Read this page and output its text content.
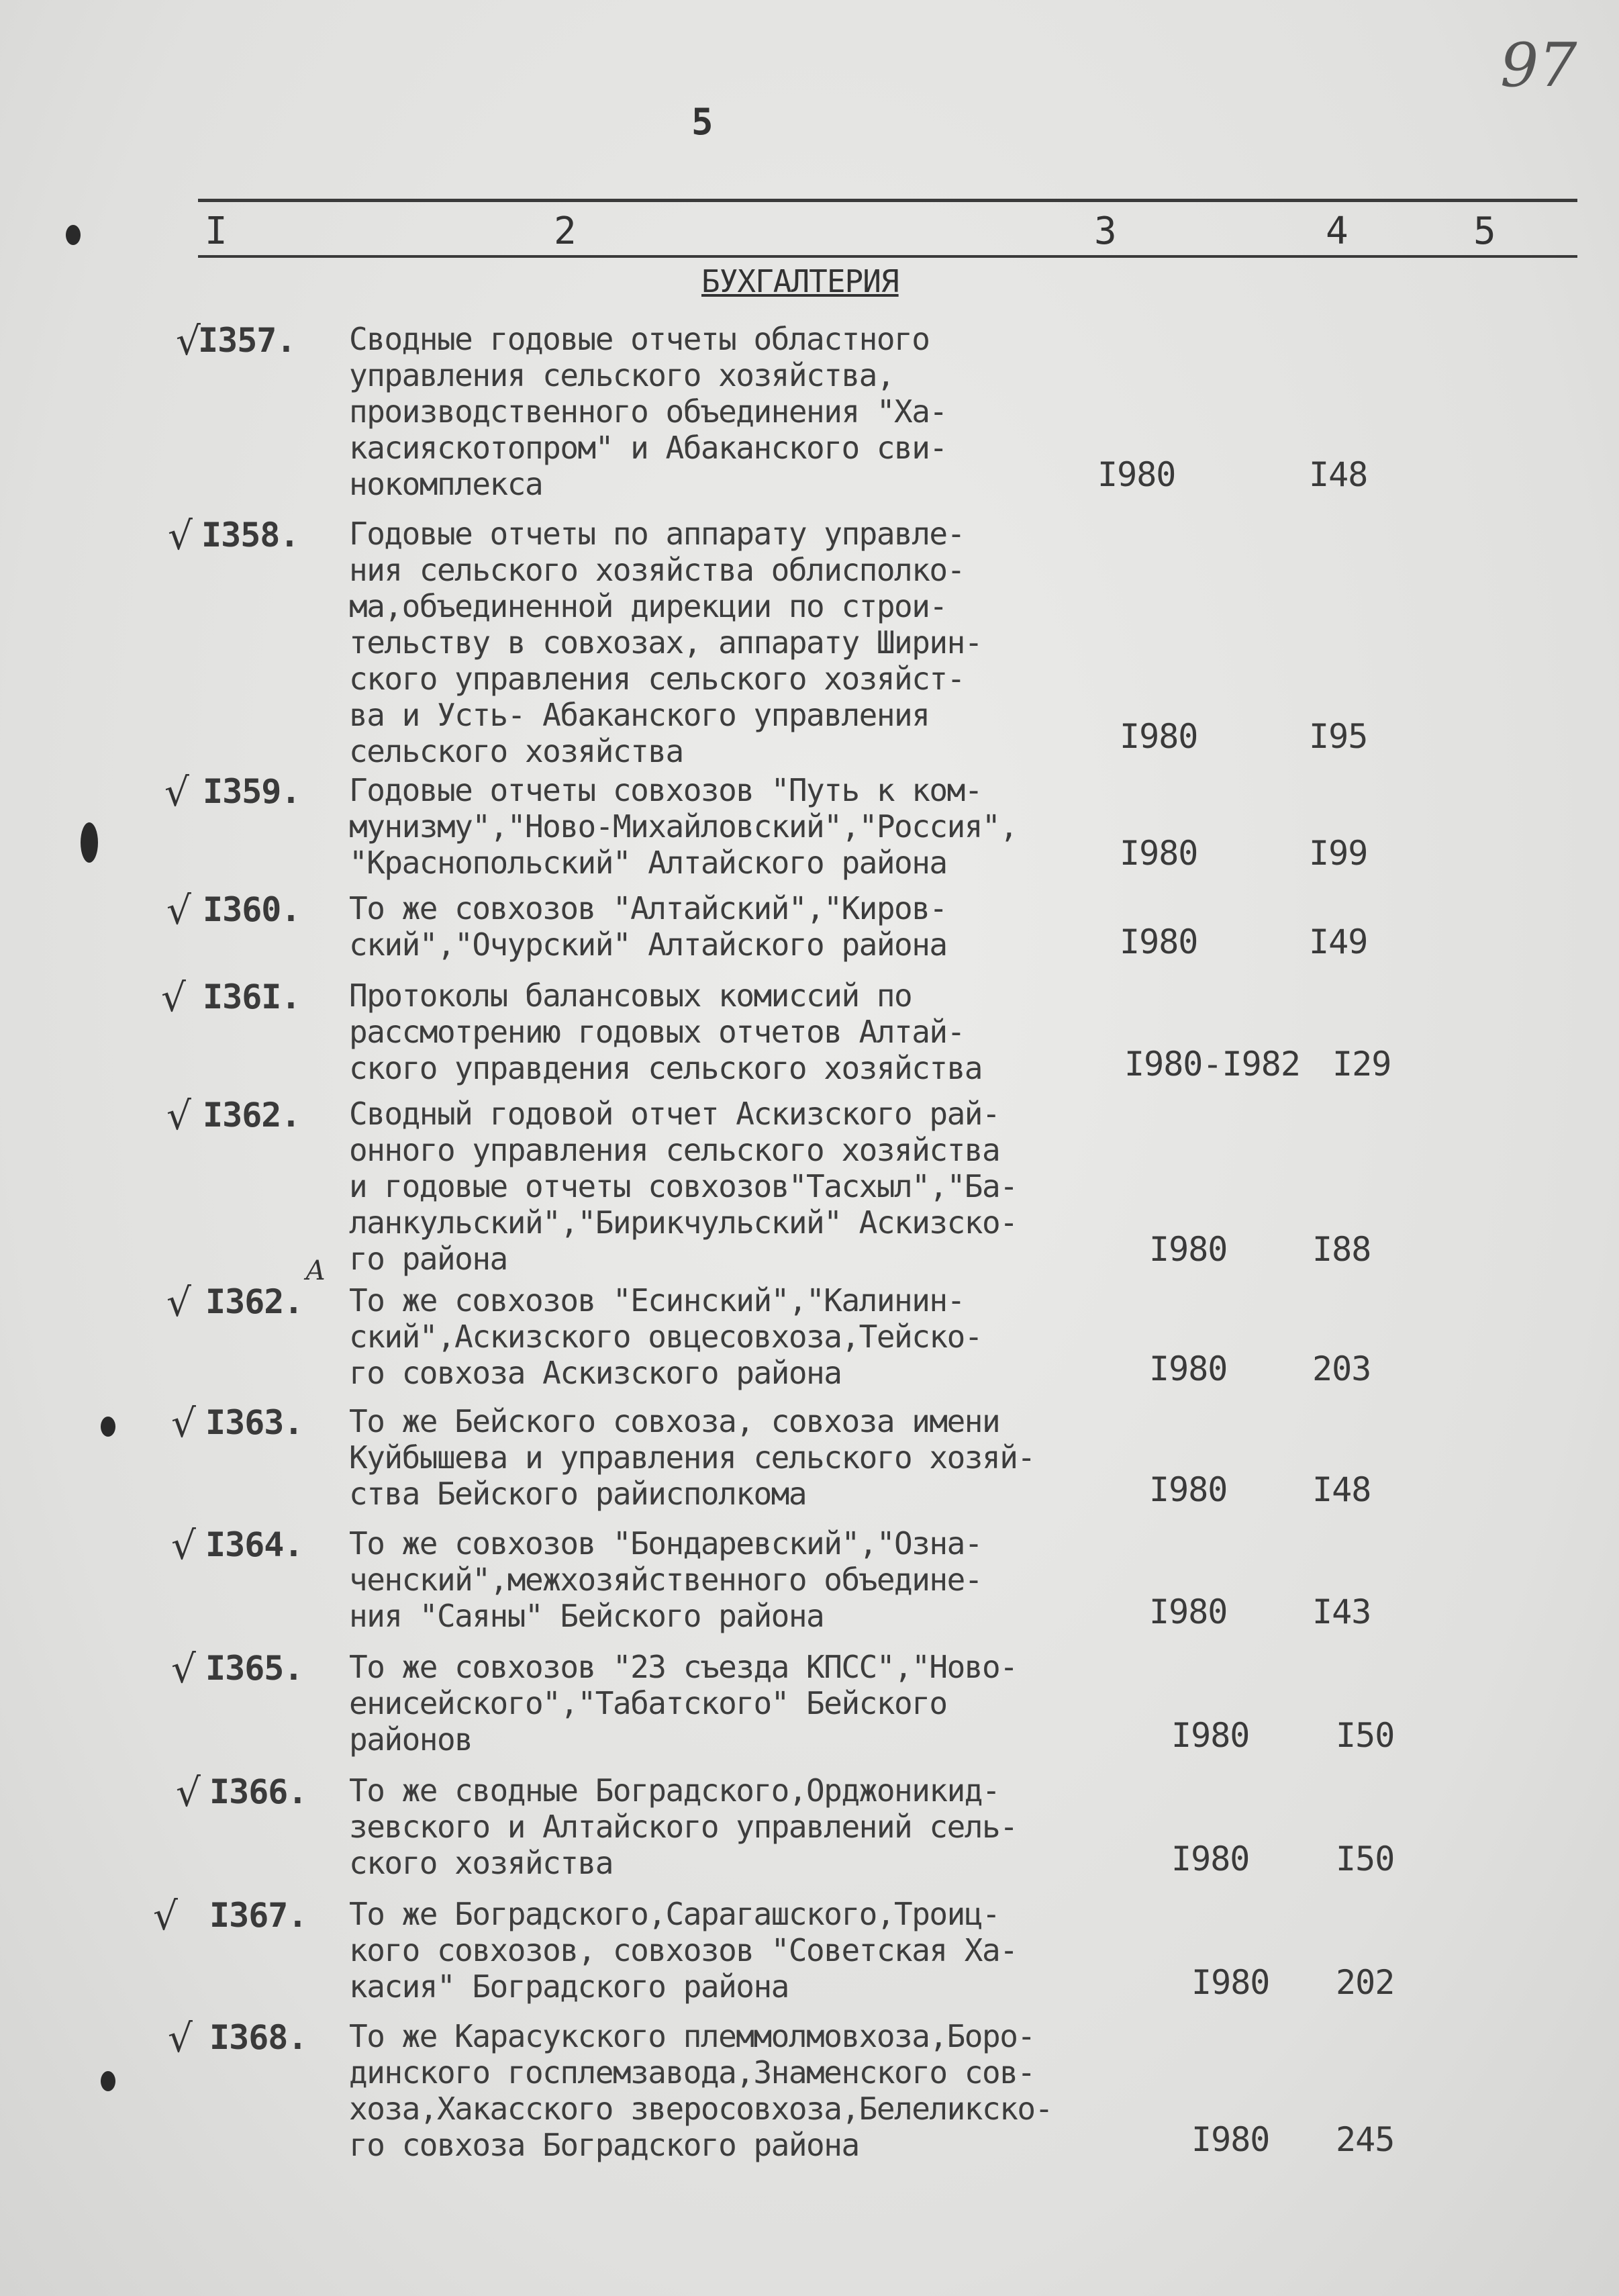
97
5
I	2	3	4	5
БУХГАЛТЕРИЯ
√
I357. Сводные годовые отчеты областного
управления сельского хозяйства,
производственного объединения "Ха-
касияскотопром" и Абаканского сви-
нокомплекса	I980	I48
√ I358. Годовые отчеты по аппарату управле-
ния сельского хозяйства облисполко-
ма,объединенной дирекции по строи-
тельству в совхозах, аппарату Ширин-
ского управления сельского хозяйст-
ва и Усть- Абаканского управления
сельского хозяйства	I980	I95
√ I359. Годовые отчеты совхозов "Путь к ком-
мунизму","Ново-Михайловский","Россия",
"Краснопольский" Алтайского района	I980	I99
√ I360. То же совхозов "Алтайский","Киров-
ский","Очурский" Алтайского района	I980	I49
√ I36I. Протоколы балансовых комиссий по
рассмотрению годовых отчетов Алтай-
ского управдения сельского хозяйства	I980-I982 I29
√ I362. Сводный годовой отчет Аскизского рай-
онного управления сельского хозяйства
и годовые отчеты совхозов"Тасхыл","Ба-
ланкульский","Бирикчульский" Аскизско-
го района	I980	I88
√ I362.
А
То же совхозов "Есинский","Калинин-
ский",Аскизского овцесовхоза,Тейско-
го совхоза Аскизского района	I980	203
√ I363. То же Бейского совхоза, совхоза имени
Куйбышева и управления сельского хозяй-
ства Бейского райисполкома	I980	I48
√ I364. То же совхозов "Бондаревский","Озна-
ченский",межхозяйственного объедине-
ния "Саяны" Бейского района	I980	I43
√ I365. То же совхозов "23 съезда КПСС","Ново-
енисейского","Табатского" Бейского
районов	I980	I50
√ I366. То же сводные Боградского,Орджоникид-
зевского и Алтайского управлений сель-
ского хозяйства	I980	I50
√ I367. То же Боградского,Сарагашского,Троиц-
кого совхозов, совхозов "Советская Ха-
касия" Боградского района	I980 202
√ I368. То же Карасукского племмолмовхоза,Боро-
динского госплемзавода,Знаменского сов-
хоза,Хакасского зверосовхоза,Белеликско-
го совхоза Боградского района	I980 245
